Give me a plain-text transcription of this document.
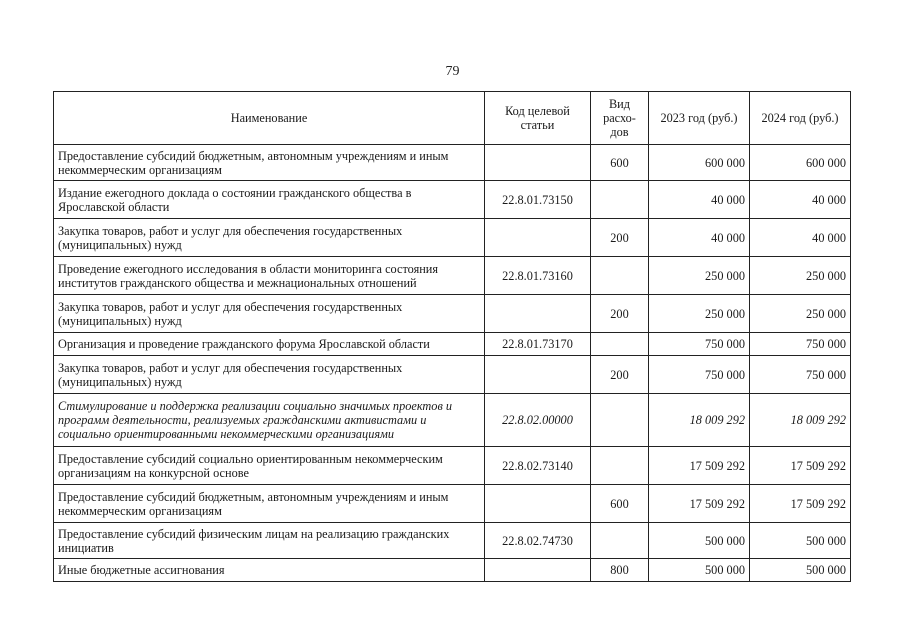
79
Наименование	Код целевой статьи	Вид расхо-дов	2023 год (руб.)	2024 год (руб.)
Предоставление субсидий бюджетным, автономным учреждениям и иным некоммерческим организациям		600	600 000	600 000
Издание ежегодного доклада о состоянии гражданского общества в Ярославской области	22.8.01.73150		40 000	40 000
Закупка товаров, работ и услуг для обеспечения государственных (муниципальных) нужд		200	40 000	40 000
Проведение ежегодного исследования в области мониторинга состояния институтов гражданского общества и межнациональных отношений	22.8.01.73160		250 000	250 000
Закупка товаров, работ и услуг для обеспечения государственных (муниципальных) нужд		200	250 000	250 000
Организация и проведение гражданского форума Ярославской области	22.8.01.73170		750 000	750 000
Закупка товаров, работ и услуг для обеспечения государственных (муниципальных) нужд		200	750 000	750 000
Стимулирование и поддержка реализации социально значимых проектов и программ деятельности, реализуемых гражданскими активистами и социально ориентированными некоммерческими организациями	22.8.02.00000		18 009 292	18 009 292
Предоставление субсидий социально ориентированным некоммерческим организациям на конкурсной основе	22.8.02.73140		17 509 292	17 509 292
Предоставление субсидий бюджетным, автономным учреждениям и иным некоммерческим организациям		600	17 509 292	17 509 292
Предоставление субсидий физическим лицам на реализацию гражданских инициатив	22.8.02.74730		500 000	500 000
Иные бюджетные ассигнования		800	500 000	500 000
